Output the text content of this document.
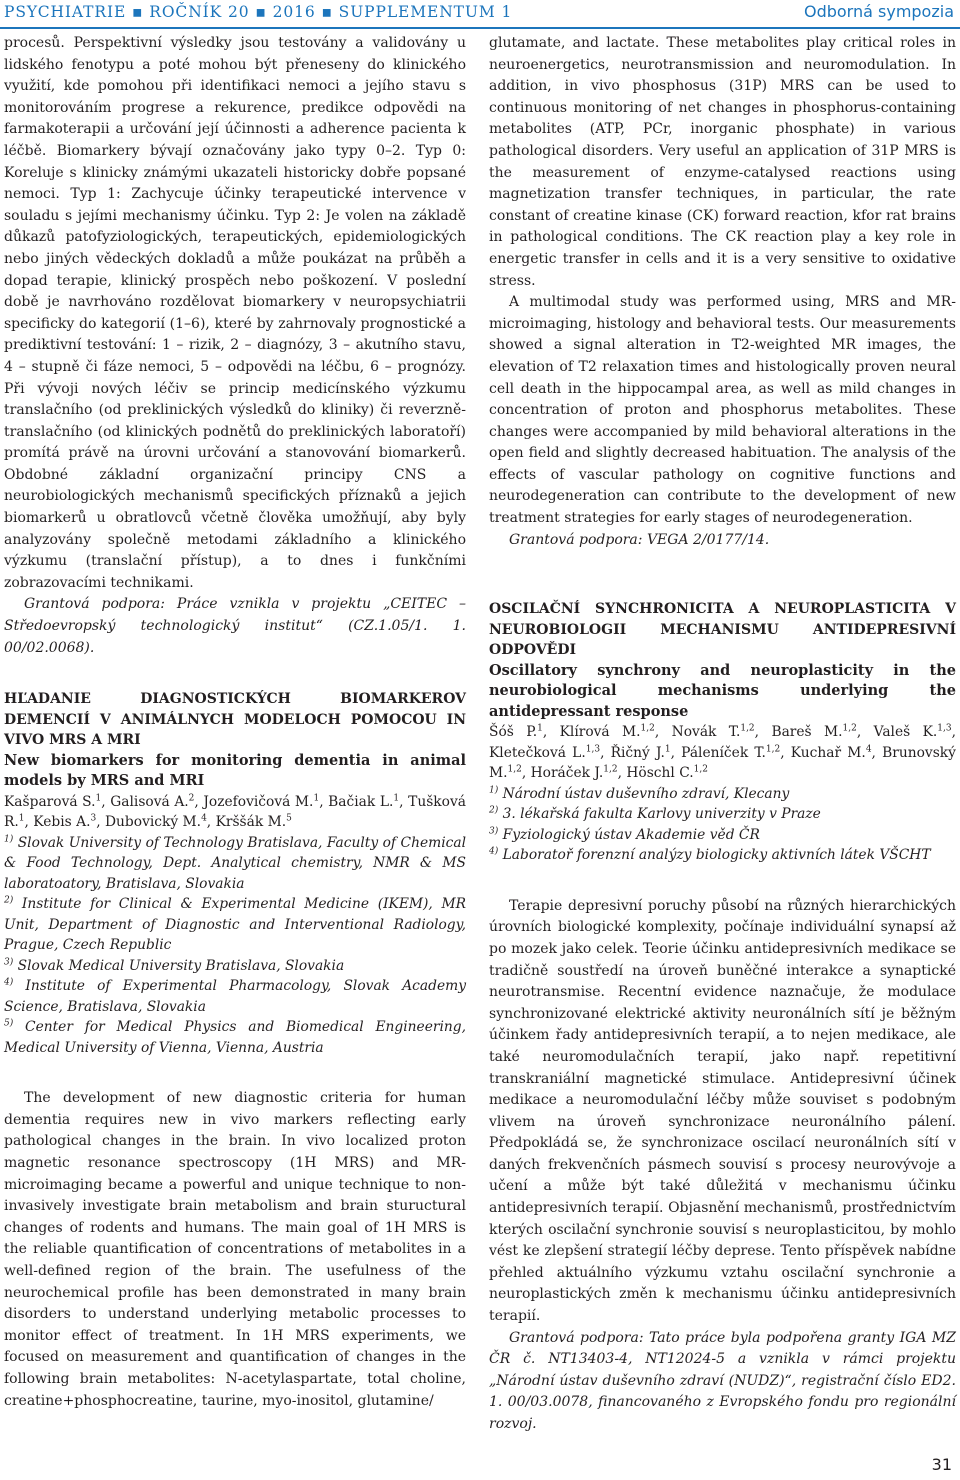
PSYCHIATRIE ▪ ROČNÍK 20 ▪ 2016 ▪ SUPPLEMENTUM 1	Odborná sympozia

procesů. Perspektivní výsledky jsou testovány a validovány u lidského fenotypu a poté mohou být přeneseny do klinického využití, kde pomohou při identifikaci nemoci a jejího stavu s monitorováním progrese a rekurence, predikce odpovědi na farmakoterapii a určování její účinnosti a adherence pacienta k léčbě. Biomarkery bývají označovány jako typy 0–2. Typ 0: Koreluje s klinicky známými ukazateli historicky dobře popsané nemoci. Typ 1: Zachycuje účinky terapeutické intervence v souladu s jejími mechanismy účinku. Typ 2: Je volen na základě důkazů patofyziologických, terapeutických, epidemiologických nebo jiných vědeckých dokladů a může poukázat na průběh a dopad terapie, klinický prospěch nebo poškození. V poslední době je navrhováno rozdělovat biomarkery v neuropsychiatrii specificky do kategorií (1–6), které by zahrnovaly prognostické a prediktivní testování: 1 – rizik, 2 – diagnózy, 3 – akutního stavu, 4 – stupně či fáze nemoci, 5 – odpovědi na léčbu, 6 – prognózy. Při vývoji nových léčiv se princip medicínského výzkumu translačního (od preklinických výsledků do kliniky) či reverzně-translačního (od klinických podnětů do preklinických laboratoří) promítá právě na úrovni určování a stanovování biomarkerů. Obdobné základní organizační principy CNS a neurobiologických mechanismů specifických příznaků a jejich biomarkerů u obratlovců včetně člověka umožňují, aby byly analyzovány společně metodami základního a klinického výzkumu (translační přístup), a to dnes i funkčními zobrazovacími technikami.

Grantová podpora: Práce vznikla v projektu „CEITEC – Středoevropský technologický institut“ (CZ.1.05/1. 1. 00/02.0068).

HĽADANIE DIAGNOSTICKÝCH BIOMARKEROV DEMENCIÍ V ANIMÁLNYCH MODELOCH POMOCOU IN VIVO MRS A MRI

New biomarkers for monitoring dementia in animal models by MRS and MRI

Kašparová S.$^1$, Galisová A.$^2$, Jozefovičová M.$^1$, Bačiak L.$^1$, Tušková R.$^1$, Kebis A.$^3$, Dubovický M.$^4$, Krššák M.$^5$

$^{1)}$ Slovak University of Technology Bratislava, Faculty of Chemical & Food Technology, Dept. Analytical chemistry, NMR & MS laboratoatory, Bratislava, Slovakia

$^{2)}$ Institute for Clinical & Experimental Medicine (IKEM), MR Unit, Department of Diagnostic and Interventional Radiology, Prague, Czech Republic

$^{3)}$ Slovak Medical University Bratislava, Slovakia

$^{4)}$ Institute of Experimental Pharmacology, Slovak Academy Science, Bratislava, Slovakia

$^{5)}$ Center for Medical Physics and Biomedical Engineering, Medical University of Vienna, Vienna, Austria

The development of new diagnostic criteria for human dementia requires new in vivo markers reflecting early pathological changes in the brain. In vivo localized proton magnetic resonance spectroscopy (1H MRS) and MR-microimaging became a powerful and unique technique to non-invasively investigate brain metabolism and brain stuructural changes of rodents and humans. The main goal of 1H MRS is the reliable quantification of concentrations of metabolites in a well-defined region of the brain. The usefulness of the neurochemical profile has been demonstrated in many brain disorders to understand underlying metabolic processes to monitor effect of treatment. In 1H MRS experiments, we focused on measurement and quantification of changes in the following brain metabolites: N-acetylaspartate, total choline, creatine+phosphocreatine, taurine, myo-inositol, glutamine/

glutamate, and lactate. These metabolites play critical roles in neuroenergetics, neurotransmission and neuromodulation. In addition, in vivo phosphosus (31P) MRS can be used to continuous monitoring of net changes in phosphorus-containing metabolites (ATP, PCr, inorganic phosphate) in various pathological disorders. Very useful an application of 31P MRS is the measurement of enzyme-catalysed reactions using magnetization transfer techniques, in particular, the rate constant of creatine kinase (CK) forward reaction, kfor rat brains in pathological conditions. The CK reaction play a key role in energetic transfer in cells and it is a very sensitive to oxidative stress.

A multimodal study was performed using, MRS and MR-microimaging, histology and behavioral tests. Our measurements showed a signal alteration in T2-weighted MR images, the elevation of T2 relaxation times and histologically proven neural cell death in the hippocampal area, as well as mild changes in concentration of proton and phosphorus metabolites. These changes were accompanied by mild behavioral alterations in the open field and slightly decreased habituation. The analysis of the effects of vascular pathology on cognitive functions and neurodegeneration can contribute to the development of new treatment strategies for early stages of neurodegeneration.

Grantová podpora: VEGA 2/0177/14.

OSCILAČNÍ SYNCHRONICITA A NEUROPLASTICITA V NEUROBIOLOGII MECHANISMU ANTIDEPRESIVNÍ ODPOVĚDI

Oscillatory synchrony and neuroplasticity in the neurobiological mechanisms underlying the antidepressant response

Šóš P.$^1$, Klírová M.$^{1,2}$, Novák T.$^{1,2}$, Bareš M.$^{1,2}$, Valeš K.$^{1,3}$, Kletečková L.$^{1,3}$, Řičný J.$^1$, Páleníček T.$^{1,2}$, Kuchař M.$^4$, Brunovský M.$^{1,2}$, Horáček J.$^{1,2}$, Höschl C.$^{1,2}$

$^{1)}$ Národní ústav duševního zdraví, Klecany

$^{2)}$ 3. lékařská fakulta Karlovy univerzity v Praze

$^{3)}$ Fyziologický ústav Akademie věd ČR

$^{4)}$ Laboratoř forenzní analýzy biologicky aktivních látek VŠCHT

Terapie depresivní poruchy působí na různých hierarchických úrovních biologické komplexity, počínaje individuální synapsí až po mozek jako celek. Teorie účinku antidepresivních medikace se tradičně soustředí na úroveň buněčné interakce a synaptické neurotransmise. Recentní evidence naznačuje, že modulace synchronizované elektrické aktivity neuronálních sítí je běžným účinkem řady antidepresivních terapií, a to nejen medikace, ale také neuromodulačních terapií, jako např. repetitivní transkraniální magnetické stimulace. Antidepresivní účinek medikace a neuromodulační léčby může souviset s podobným vlivem na úroveň synchronizace neuronálního pálení. Předpokládá se, že synchronizace oscilací neuronálních sítí v daných frekvenčních pásmech souvisí s procesy neurovývoje a učení a může být také důležitá v mechanismu účinku antidepresivních terapií. Objasnění mechanismů, prostřednictvím kterých oscilační synchronie souvisí s neuroplasticitou, by mohlo vést ke zlepšení strategií léčby deprese. Tento příspěvek nabídne přehled aktuálního výzkumu vztahu oscilační synchronie a neuroplastických změn k mechanismu účinku antidepresivních terapií.

Grantová podpora: Tato práce byla podpořena granty IGA MZ ČR č. NT13403-4, NT12024-5 a vznikla v rámci projektu „Národní ústav duševního zdraví (NUDZ)“, registrační číslo ED2. 1. 00/03.0078, financovaného z Evropského fondu pro regionální rozvoj.

31
